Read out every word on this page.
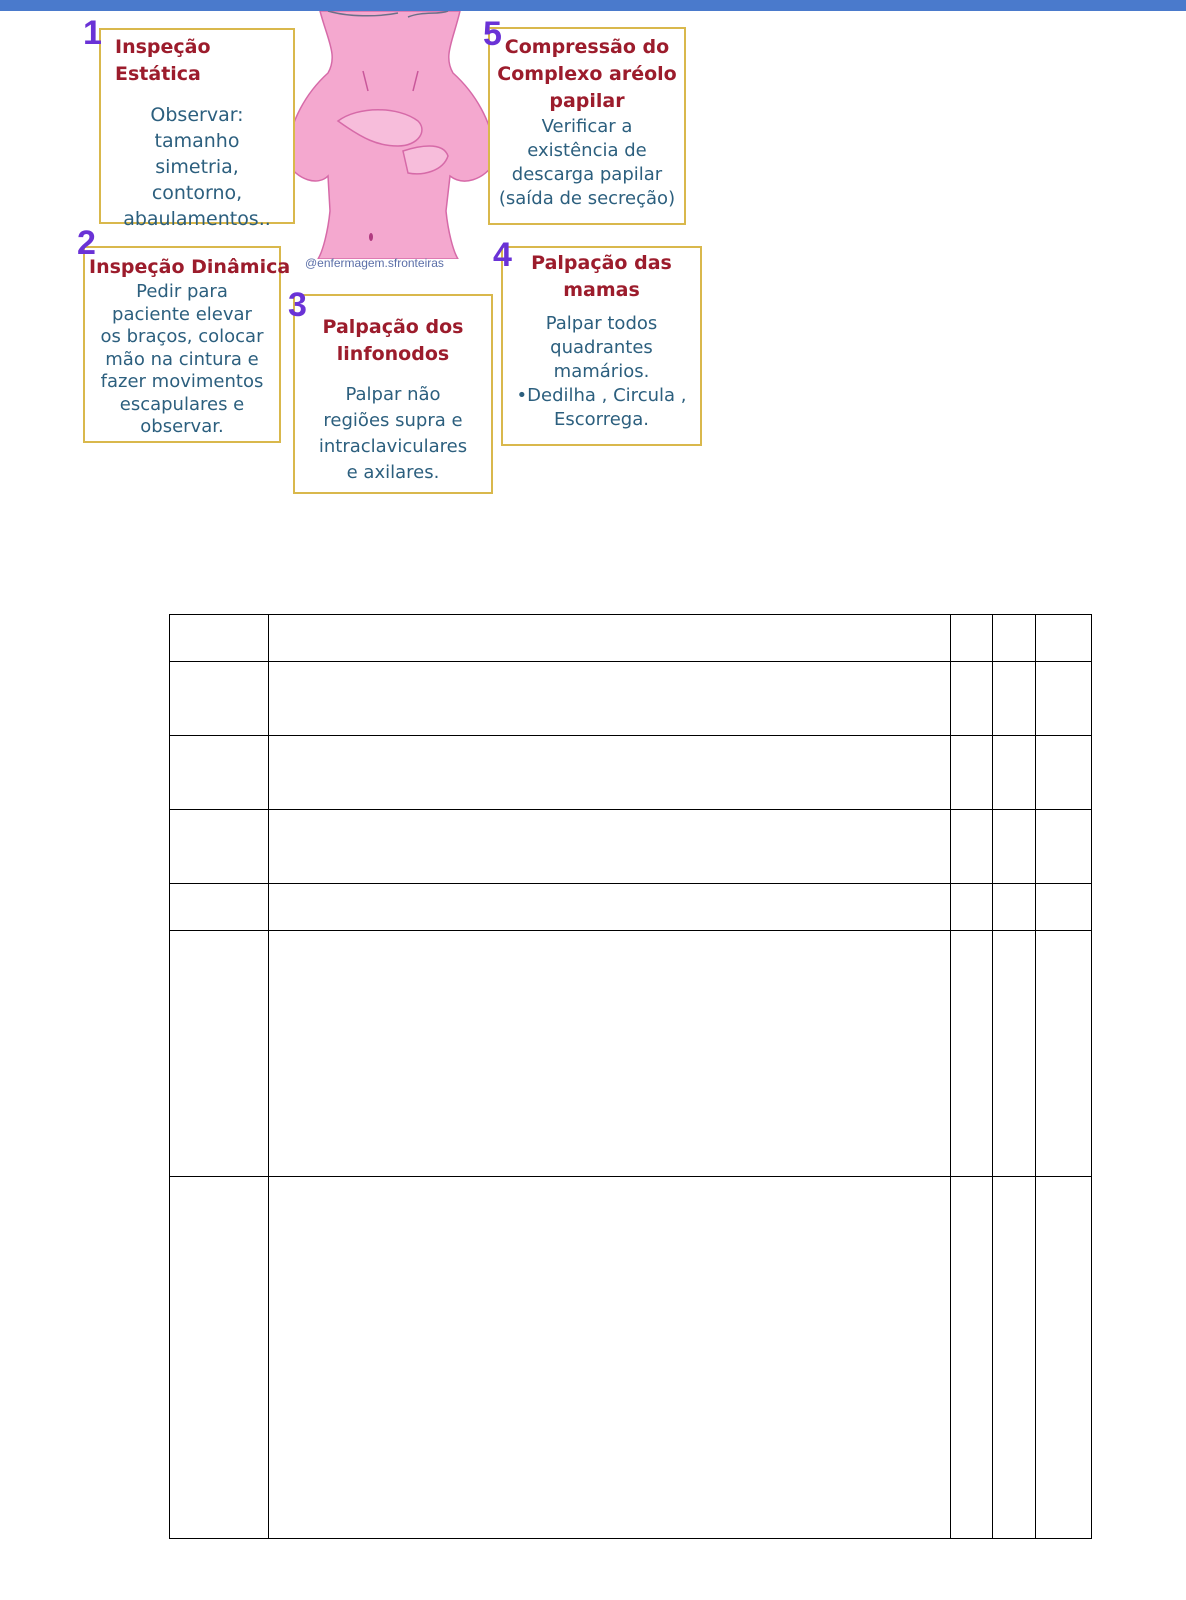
@enfermagem.sfronteiras
Inspeção Estática
Observar:
tamanho
simetria,
contorno,
abaulamentos..
1
Inspeção Dinâmica
Pedir para
paciente elevar
os braços, colocar
mão na cintura e
fazer movimentos
escapulares e
observar.
2
Palpação dos
linfonodos
Palpar não
regiões supra e
intraclaviculares
e axilares.
3
Palpação das
mamas
Palpar todos
quadrantes
mamários.
•Dedilha , Circula ,
Escorrega.
4
Compressão do
Complexo aréolo
papilar
Verificar a
existência de
descarga papilar
(saída de secreção)
5
